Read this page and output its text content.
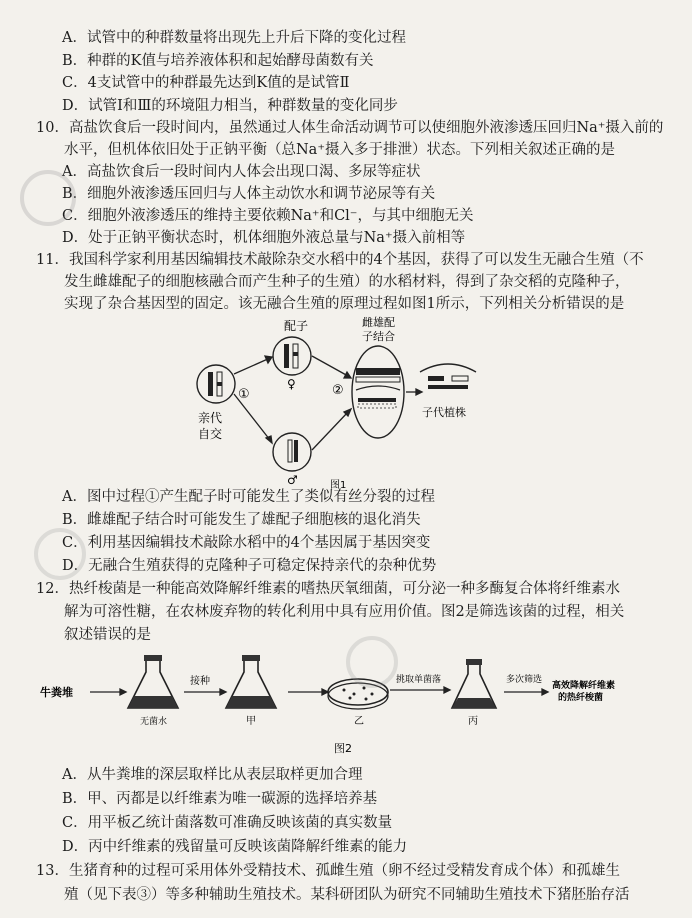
A．试管中的种群数量将出现先上升后下降的变化过程
B．种群的K值与培养液体积和起始酵母菌数有关
C．4支试管中的种群最先达到K值的是试管Ⅱ
D．试管Ⅰ和Ⅲ的环境阻力相当，种群数量的变化同步
10．高盐饮食后一段时间内，虽然通过人体生命活动调节可以使细胞外液渗透压回归Na⁺摄入前的
水平，但机体依旧处于正钠平衡（总Na⁺摄入多于排泄）状态。下列相关叙述正确的是
A．高盐饮食后一段时间内人体会出现口渴、多尿等症状
B．细胞外液渗透压回归与人体主动饮水和调节泌尿等有关
C．细胞外液渗透压的维持主要依赖Na⁺和Cl⁻，与其中细胞无关
D．处于正钠平衡状态时，机体细胞外液总量与Na⁺摄入前相等
11．我国科学家利用基因编辑技术敲除杂交水稻中的4个基因，获得了可以发生无融合生殖（不
发生雌雄配子的细胞核融合而产生种子的生殖）的水稻材料，得到了杂交稻的克隆种子，
实现了杂合基因型的固定。该无融合生殖的原理过程如图1所示，下列相关分析错误的是
配子	雌雄配
子结合
亲代
自交
①	②
♀
♂
子代植株
图1
A．图中过程①产生配子时可能发生了类似有丝分裂的过程
B．雌雄配子结合时可能发生了雄配子细胞核的退化消失
C．利用基因编辑技术敲除水稻中的4个基因属于基因突变
D．无融合生殖获得的克隆种子可稳定保持亲代的杂种优势
12．热纤梭菌是一种能高效降解纤维素的嗜热厌氧细菌，可分泌一种多酶复合体将纤维素水
解为可溶性糖，在农林废弃物的转化利用中具有应用价值。图2是筛选该菌的过程，相关
叙述错误的是
牛粪堆
接种	挑取单菌落	多次筛选
高效降解纤维素
的热纤梭菌
无菌水	甲	乙	丙
图2
A．从牛粪堆的深层取样比从表层取样更加合理
B．甲、丙都是以纤维素为唯一碳源的选择培养基
C．用平板乙统计菌落数可准确反映该菌的真实数量
D．丙中纤维素的残留量可反映该菌降解纤维素的能力
13．生猪育种的过程可采用体外受精技术、孤雌生殖（卵不经过受精发育成个体）和孤雄生
殖（见下表③）等多种辅助生殖技术。某科研团队为研究不同辅助生殖技术下猪胚胎存活
